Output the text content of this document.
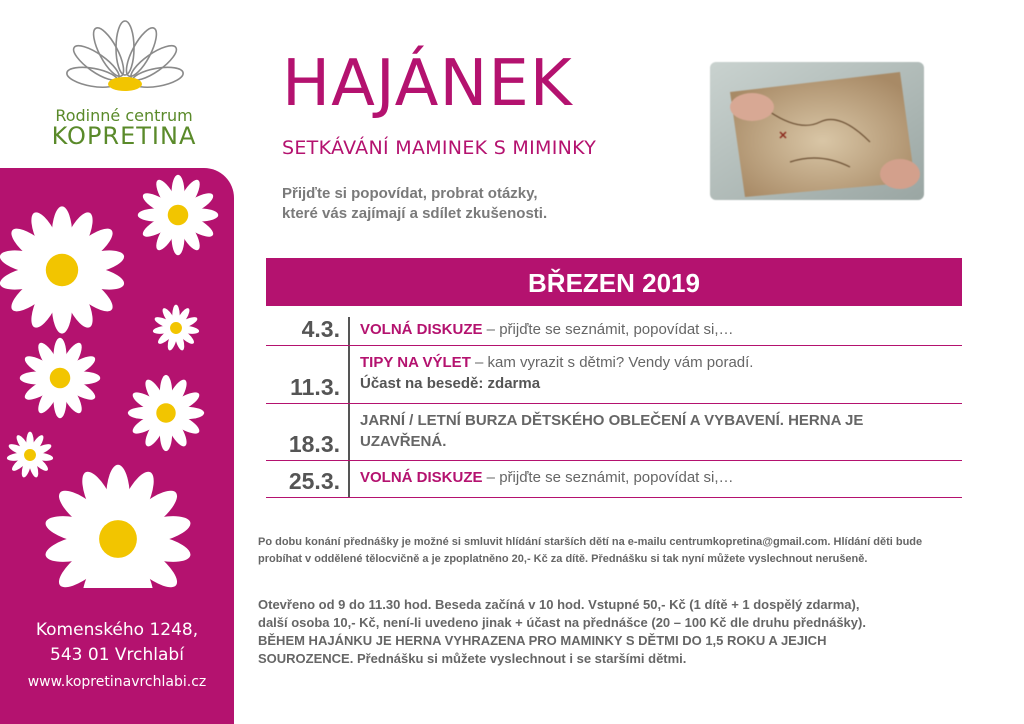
Rodinné centrum
KOPRETINA
Komenského 1248,
543 01 Vrchlabí
www.kopretinavrchlabi.cz
HAJÁNEK
SETKÁVÁNÍ MAMINEK S MIMINKY
Přijďte si popovídat, probrat otázky,
které vás zajímají a sdílet zkušenosti.
BŘEZEN 2019
4.3.	VOLNÁ DISKUZE – přijďte se seznámit, popovídat si,…
11.3.
TIPY NA VÝLET – kam vyrazit s dětmi? Vendy vám poradí.
Účast na besedě: zdarma
18.3.
JARNÍ / LETNÍ BURZA DĚTSKÉHO OBLEČENÍ A VYBAVENÍ. HERNA JE UZAVŘENÁ.
25.3.	VOLNÁ DISKUZE – přijďte se seznámit, popovídat si,…
Po dobu konání přednášky je možné si smluvit hlídání starších dětí na e-mailu centrumkopretina@gmail.com. Hlídání děti bude probíhat v oddělené tělocvičně a je zpoplatněno 20,- Kč za dítě. Přednášku si tak nyní můžete vyslechnout nerušeně.
Otevřeno od 9 do 11.30 hod. Beseda začíná v 10 hod. Vstupné 50,- Kč (1 dítě + 1 dospělý zdarma),
další osoba 10,- Kč, není-li uvedeno jinak + účast na přednášce (20 – 100 Kč dle druhu přednášky).
BĚHEM HAJÁNKU JE HERNA VYHRAZENA PRO MAMINKY S DĚTMI DO 1,5 ROKU A JEJICH
SOUROZENCE. Přednášku si můžete vyslechnout i se staršími dětmi.
